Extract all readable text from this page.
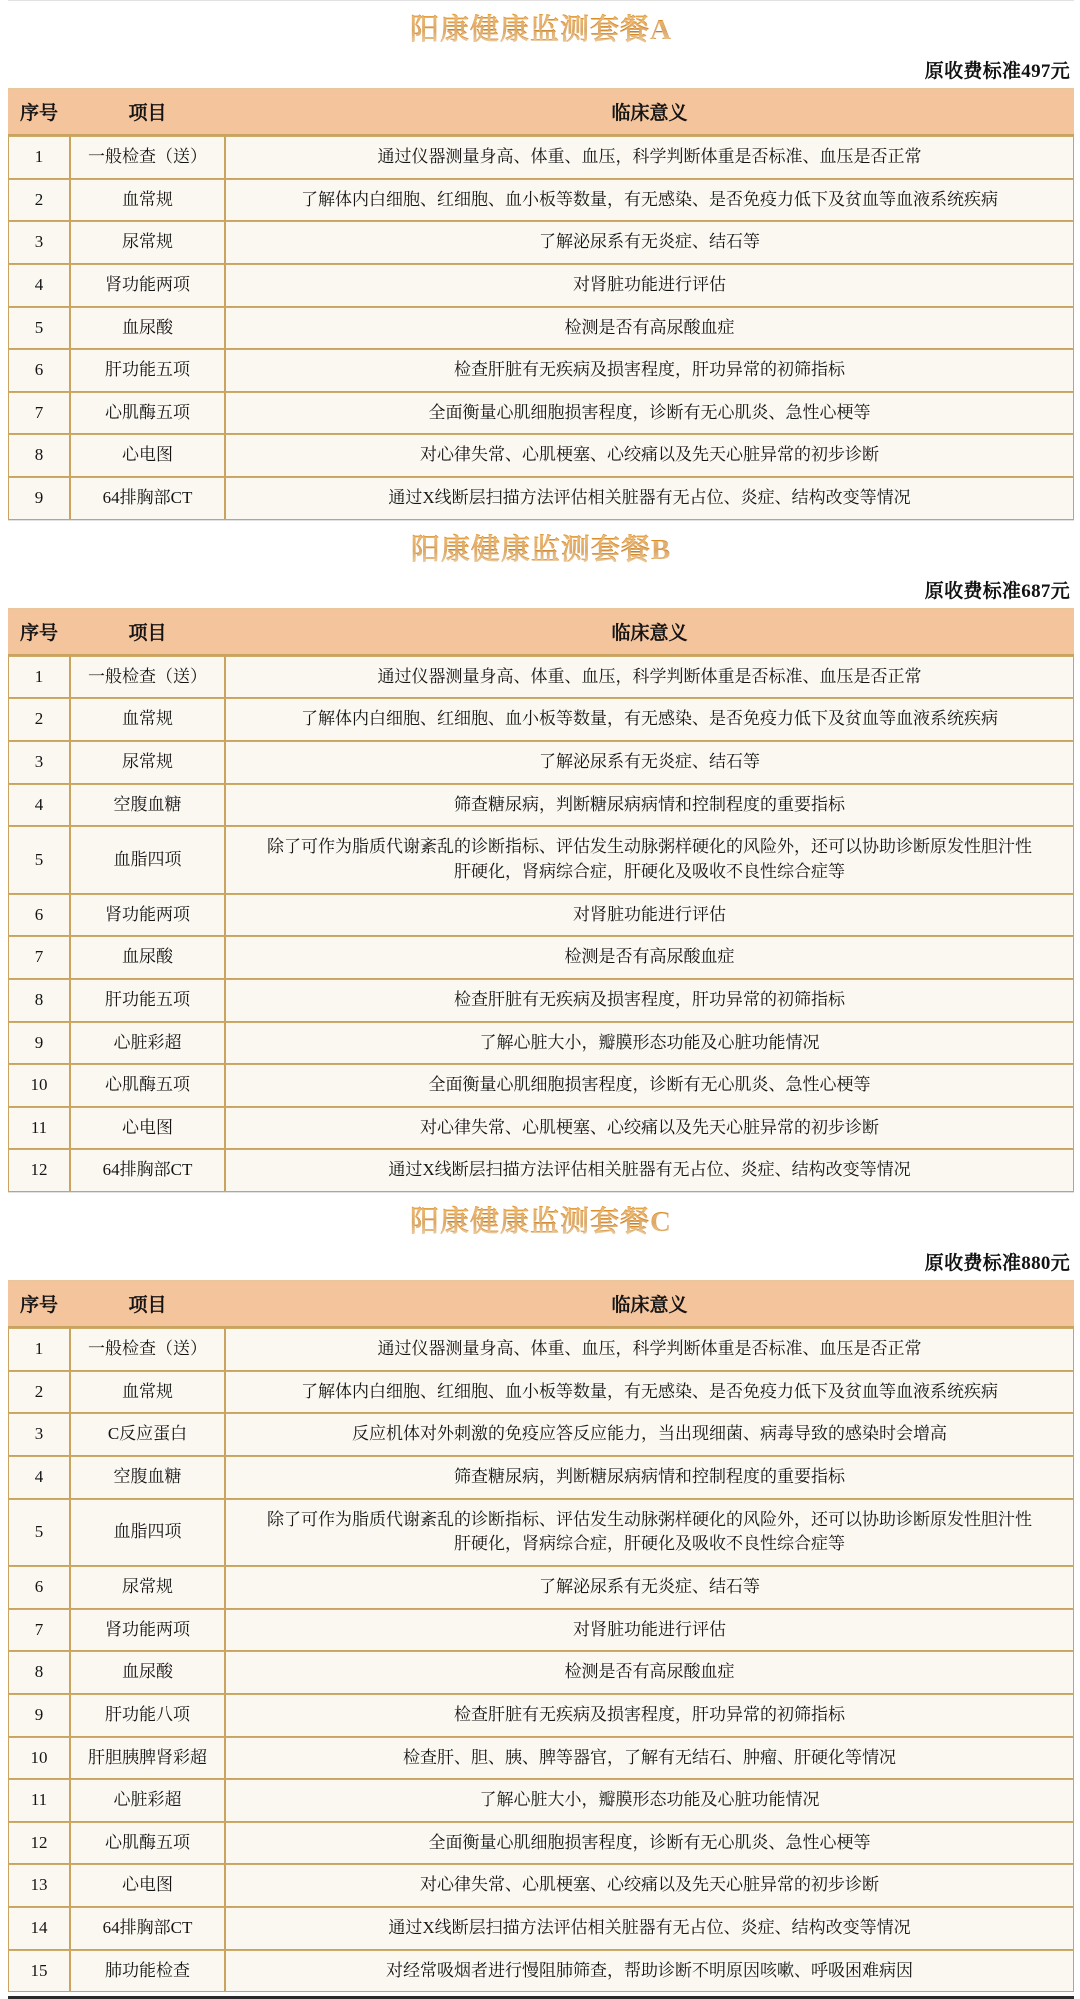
阳康健康监测套餐A
原收费标准497元
序号	项目	临床意义
1	一般检查（送）	通过仪器测量身高、体重、血压，科学判断体重是否标准、血压是否正常

2	血常规	了解体内白细胞、红细胞、血小板等数量，有无感染、是否免疫力低下及贫血等血液系统疾病

3	尿常规	了解泌尿系有无炎症、结石等

4	肾功能两项	对肾脏功能进行评估

5	血尿酸	检测是否有高尿酸血症

6	肝功能五项	检查肝脏有无疾病及损害程度，肝功异常的初筛指标

7	心肌酶五项	全面衡量心肌细胞损害程度，诊断有无心肌炎、急性心梗等

8	心电图	对心律失常、心肌梗塞、心绞痛以及先天心脏异常的初步诊断

9	64排胸部CT	通过X线断层扫描方法评估相关脏器有无占位、炎症、结构改变等情况
阳康健康监测套餐B
原收费标准687元
序号	项目	临床意义
1	一般检查（送）	通过仪器测量身高、体重、血压，科学判断体重是否标准、血压是否正常

2	血常规	了解体内白细胞、红细胞、血小板等数量，有无感染、是否免疫力低下及贫血等血液系统疾病

3	尿常规	了解泌尿系有无炎症、结石等

4	空腹血糖	筛查糖尿病，判断糖尿病病情和控制程度的重要指标

5	血脂四项	除了可作为脂质代谢紊乱的诊断指标、评估发生动脉粥样硬化的风险外，还可以协助诊断原发性胆汁性
肝硬化，肾病综合症，肝硬化及吸收不良性综合症等

6	肾功能两项	对肾脏功能进行评估

7	血尿酸	检测是否有高尿酸血症

8	肝功能五项	检查肝脏有无疾病及损害程度，肝功异常的初筛指标

9	心脏彩超	了解心脏大小，瓣膜形态功能及心脏功能情况

10	心肌酶五项	全面衡量心肌细胞损害程度，诊断有无心肌炎、急性心梗等

11	心电图	对心律失常、心肌梗塞、心绞痛以及先天心脏异常的初步诊断

12	64排胸部CT	通过X线断层扫描方法评估相关脏器有无占位、炎症、结构改变等情况
阳康健康监测套餐C
原收费标准880元
序号	项目	临床意义
1	一般检查（送）	通过仪器测量身高、体重、血压，科学判断体重是否标准、血压是否正常

2	血常规	了解体内白细胞、红细胞、血小板等数量，有无感染、是否免疫力低下及贫血等血液系统疾病

3	C反应蛋白	反应机体对外刺激的免疫应答反应能力，当出现细菌、病毒导致的感染时会增高

4	空腹血糖	筛查糖尿病，判断糖尿病病情和控制程度的重要指标

5	血脂四项	除了可作为脂质代谢紊乱的诊断指标、评估发生动脉粥样硬化的风险外，还可以协助诊断原发性胆汁性
肝硬化，肾病综合症，肝硬化及吸收不良性综合症等

6	尿常规	了解泌尿系有无炎症、结石等

7	肾功能两项	对肾脏功能进行评估

8	血尿酸	检测是否有高尿酸血症

9	肝功能八项	检查肝脏有无疾病及损害程度，肝功异常的初筛指标

10	肝胆胰脾肾彩超	检查肝、胆、胰、脾等器官，了解有无结石、肿瘤、肝硬化等情况

11	心脏彩超	了解心脏大小，瓣膜形态功能及心脏功能情况

12	心肌酶五项	全面衡量心肌细胞损害程度，诊断有无心肌炎、急性心梗等

13	心电图	对心律失常、心肌梗塞、心绞痛以及先天心脏异常的初步诊断

14	64排胸部CT	通过X线断层扫描方法评估相关脏器有无占位、炎症、结构改变等情况

15	肺功能检查	对经常吸烟者进行慢阻肺筛查，帮助诊断不明原因咳嗽、呼吸困难病因
